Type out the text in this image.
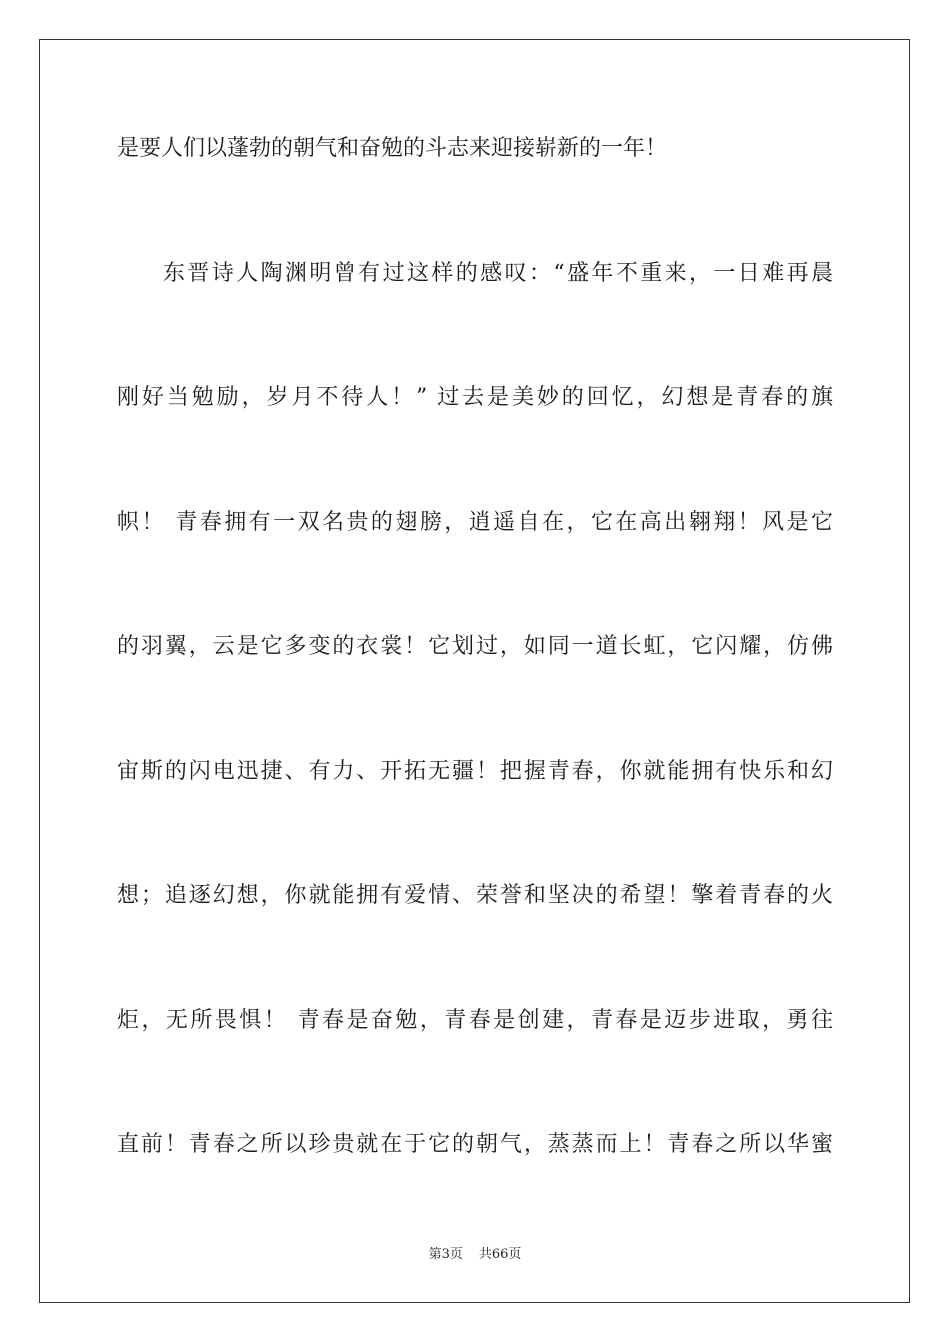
是要人们以蓬勃的朝气和奋勉的斗志来迎接崭新的一年！
东晋诗人陶渊明曾有过这样的感叹：“盛年不重来，一日难再晨
刚好当勉励，岁月不待人！” 过去是美妙的回忆，幻想是青春的旗
帜！ 青春拥有一双名贵的翅膀，逍遥自在，它在高出翱翔！风是它
的羽翼，云是它多变的衣裳！它划过，如同一道长虹，它闪耀，仿佛
宙斯的闪电迅捷、有力、开拓无疆！把握青春，你就能拥有快乐和幻
想；追逐幻想，你就能拥有爱情、荣誉和坚决的希望！擎着青春的火
炬，无所畏惧！ 青春是奋勉，青春是创建，青春是迈步进取，勇往
直前！青春之所以珍贵就在于它的朝气，蒸蒸而上！青春之所以华蜜
第3页 共66页
